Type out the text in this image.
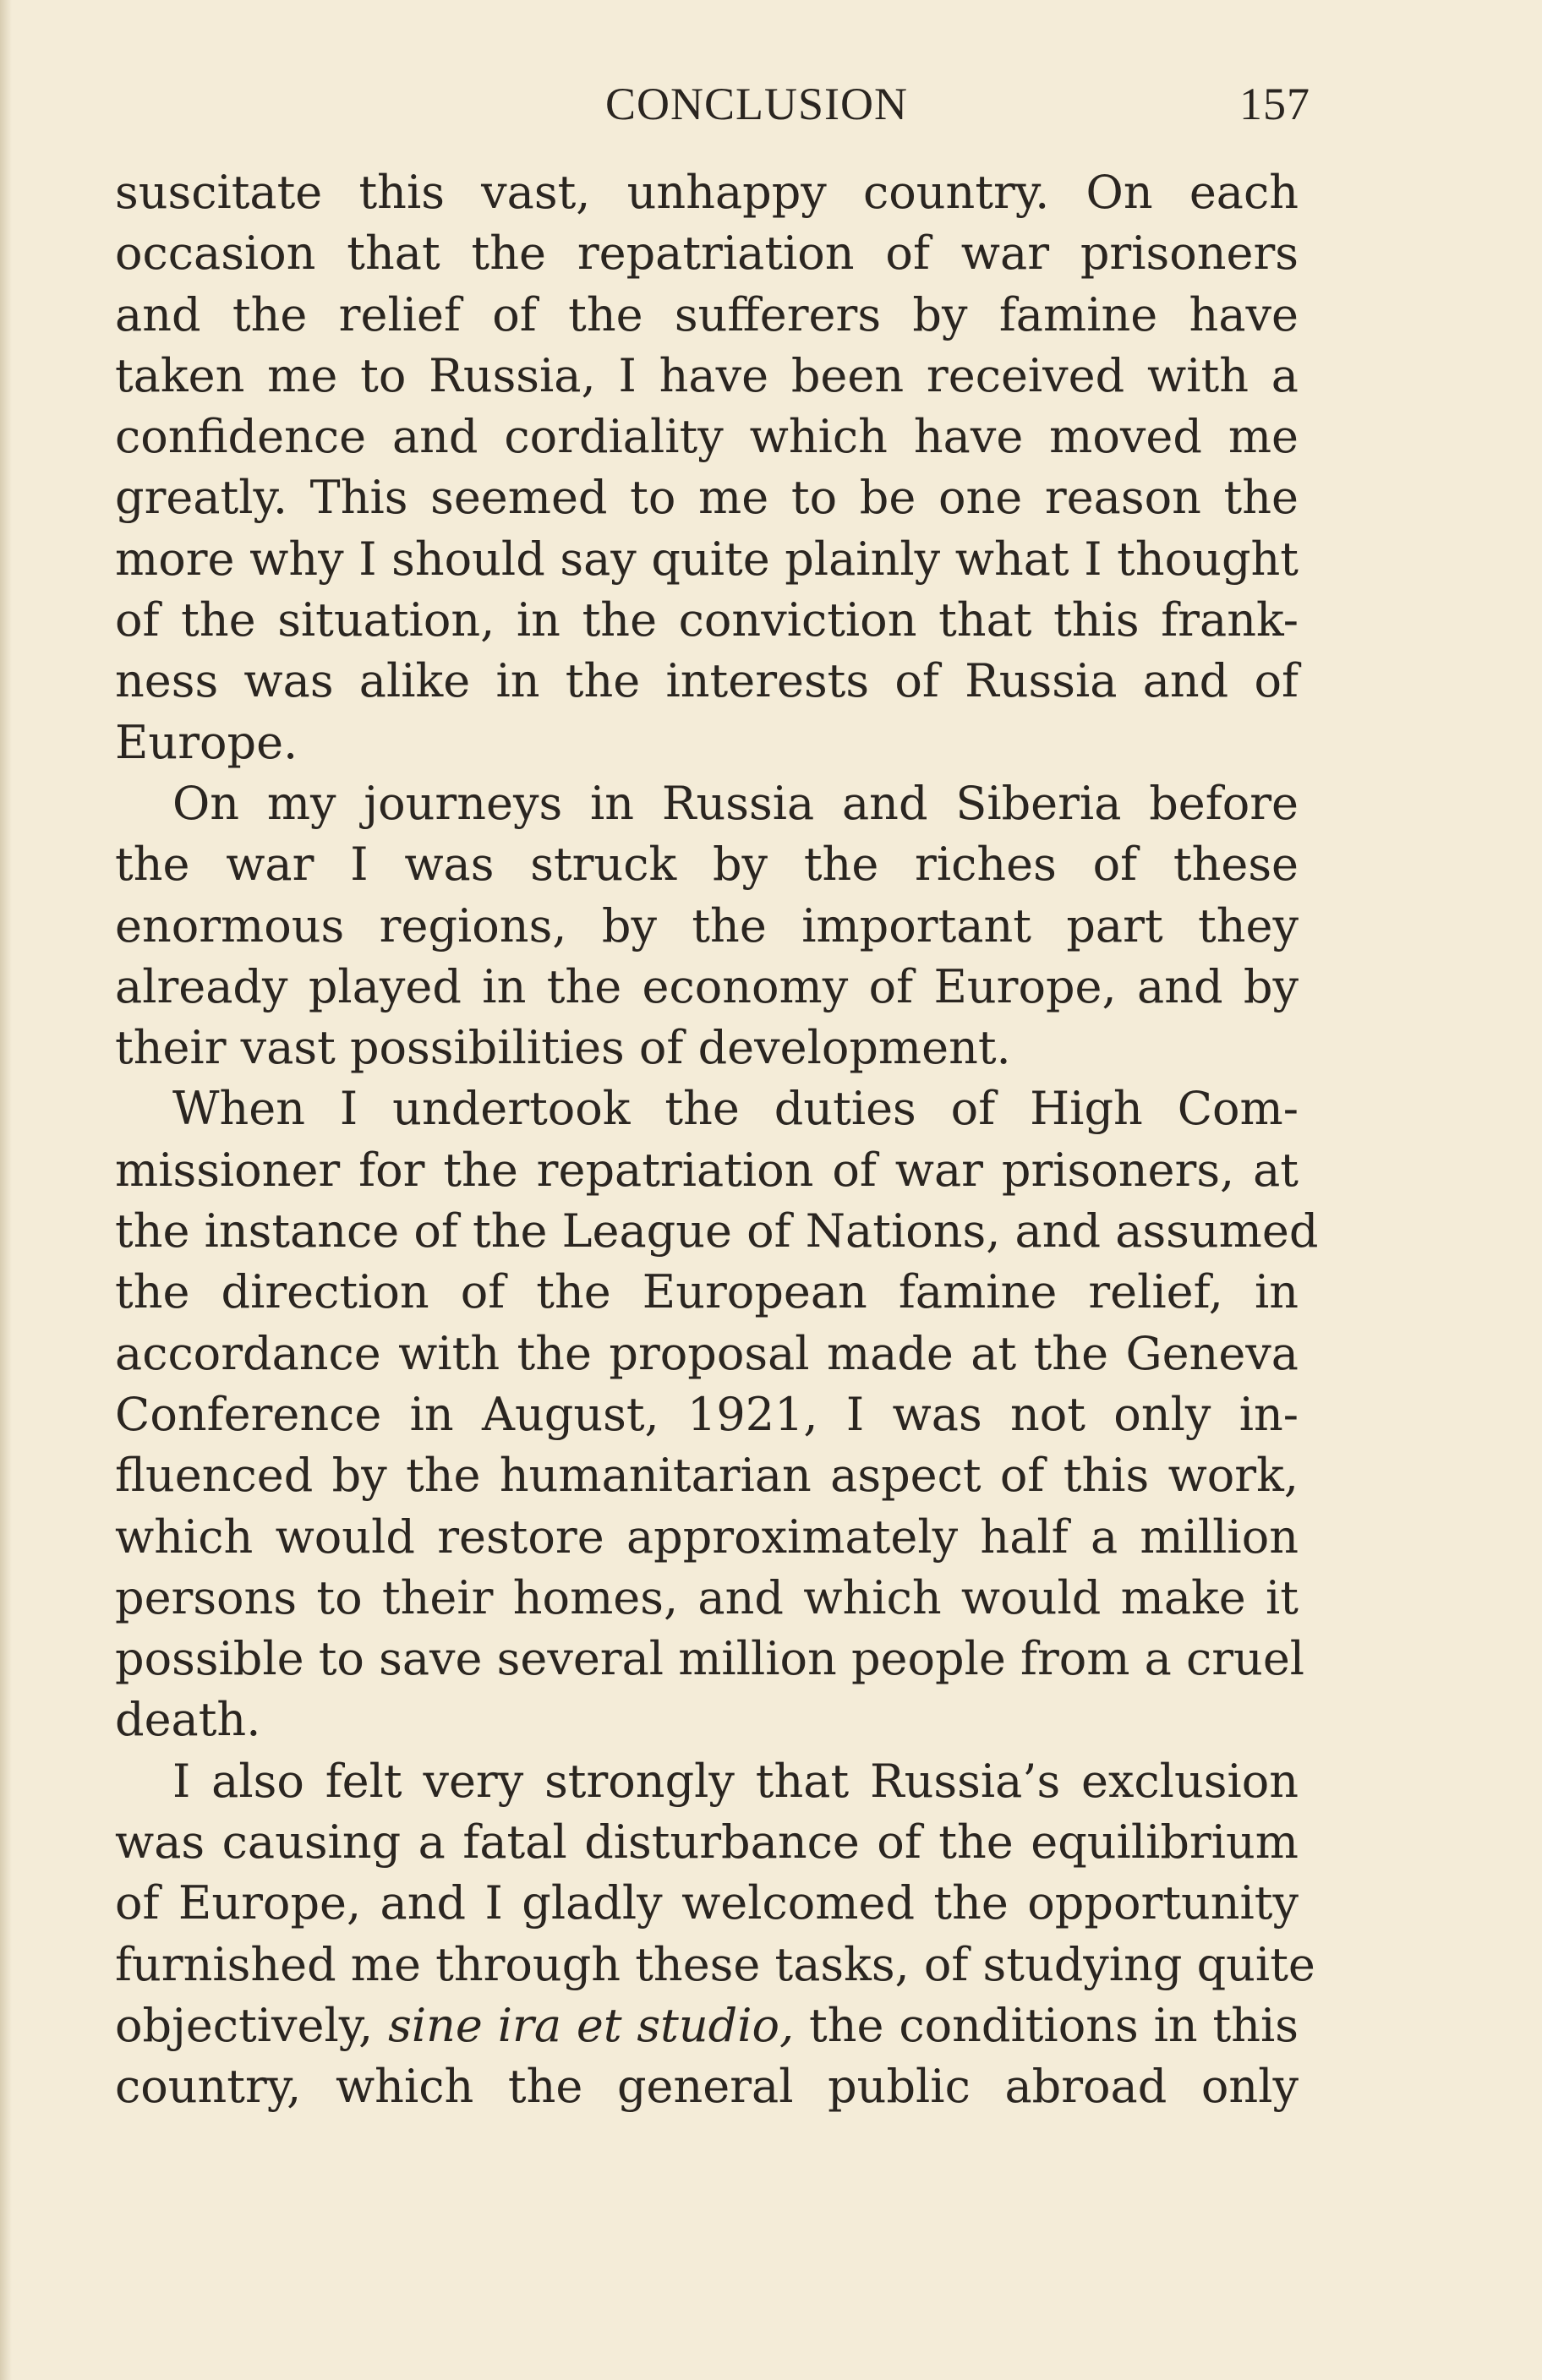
CONCLUSION	157
suscitate this vast, unhappy country. On each
occasion that the repatriation of war prisoners
and the relief of the sufferers by famine have
taken me to Russia, I have been received with a
confidence and cordiality which have moved me
greatly. This seemed to me to be one reason the
more why I should say quite plainly what I thought
of the situation, in the conviction that this frank-
ness was alike in the interests of Russia and of
Europe.
On my journeys in Russia and Siberia before
the war I was struck by the riches of these
enormous regions, by the important part they
already played in the economy of Europe, and by
their vast possibilities of development.
When I undertook the duties of High Com-
missioner for the repatriation of war prisoners, at
the instance of the League of Nations, and assumed
the direction of the European famine relief, in
accordance with the proposal made at the Geneva
Conference in August, 1921, I was not only in-
fluenced by the humanitarian aspect of this work,
which would restore approximately half a million
persons to their homes, and which would make it
possible to save several million people from a cruel
death.
I also felt very strongly that Russia’s exclusion
was causing a fatal disturbance of the equilibrium
of Europe, and I gladly welcomed the opportunity
furnished me through these tasks, of studying quite
objectively, sine ira et studio, the conditions in this
country, which the general public abroad only
